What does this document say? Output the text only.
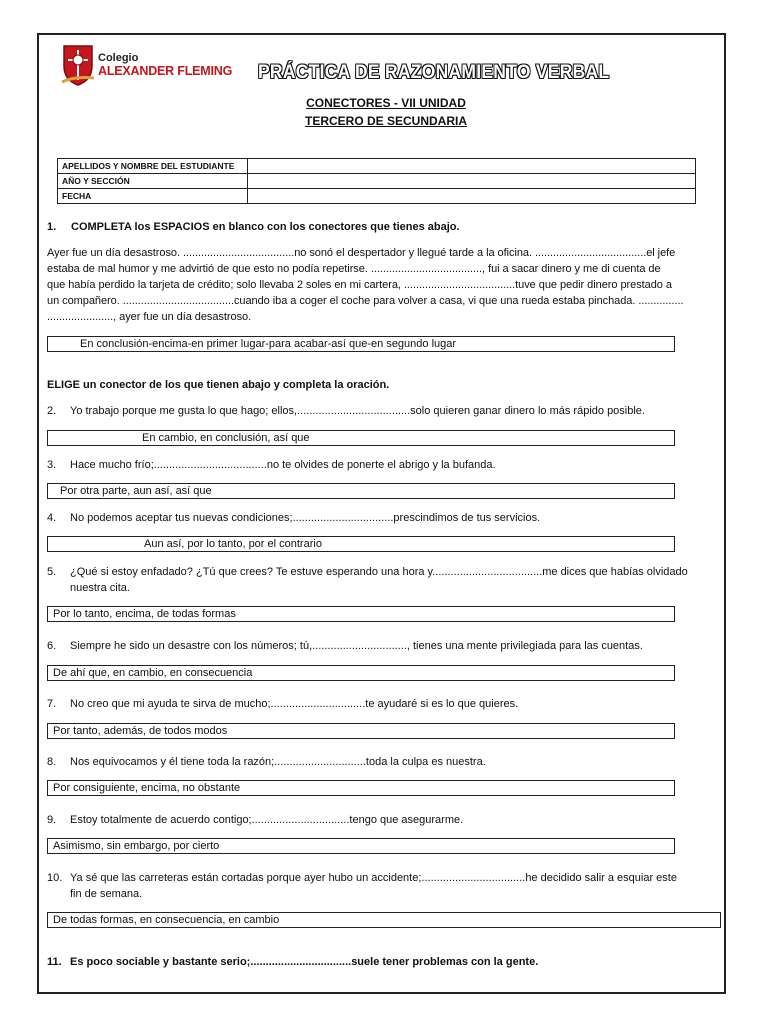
Colegio
ALEXANDER FLEMING PRÁCTICA DE RAZONAMIENTO VERBAL
CONECTORES - VII UNIDAD
TERCERO DE SECUNDARIA
APELLIDOS Y NOMBRE DEL ESTUDIANTE	
AÑO Y SECCIÓN	
FECHA	
1. COMPLETA los ESPACIOS en blanco con los conectores que tienes abajo.
Ayer fue un día desastroso. .....................................no sonó el despertador y llegué tarde a la oficina. .....................................el jefe
estaba de mal humor y me advirtió de que esto no podía repetirse. ....................................., fui a sacar dinero y me di cuenta de
que había perdido la tarjeta de crédito; solo llevaba 2 soles en mi cartera, .....................................tuve que pedir dinero prestado a
un compañero. .....................................cuando iba a coger el coche para volver a casa, vi que una rueda estaba pinchada. ...............
......................, ayer fue un día desastroso.
En conclusión-encima-en primer lugar-para acabar-así que-en segundo lugar
ELIGE un conector de los que tienen abajo y completa la oración.
2. Yo trabajo porque me gusta lo que hago; ellos,.....................................solo quieren ganar dinero lo más rápido posible.
En cambio, en conclusión, así que
3. Hace mucho frío;.....................................no te olvides de ponerte el abrigo y la bufanda.
Por otra parte, aun así, así que
4. No podemos aceptar tus nuevas condiciones;.................................prescindimos de tus servicios.
Aun así, por lo tanto, por el contrario
5. ¿Qué si estoy enfadado? ¿Tú que crees? Te estuve esperando una hora y....................................me dices que habías olvidado
nuestra cita.
Por lo tanto, encima, de todas formas
6. Siempre he sido un desastre con los números; tú,..............................., tienes una mente privilegiada para las cuentas.
De ahí que, en cambio, en consecuencia
7. No creo que mi ayuda te sirva de mucho;...............................te ayudaré si es lo que quieres.
Por tanto, además, de todos modos
8. Nos equivocamos y él tiene toda la razón;..............................toda la culpa es nuestra.
Por consiguiente, encima, no obstante
9. Estoy totalmente de acuerdo contigo;................................tengo que asegurarme.
Asimismo, sin embargo, por cierto
10. Ya sé que las carreteras están cortadas porque ayer hubo un accidente;..................................he decidido salir a esquiar este
fin de semana.
De todas formas, en consecuencia, en cambio
11. Es poco sociable y bastante serio;.................................suele tener problemas con la gente.
